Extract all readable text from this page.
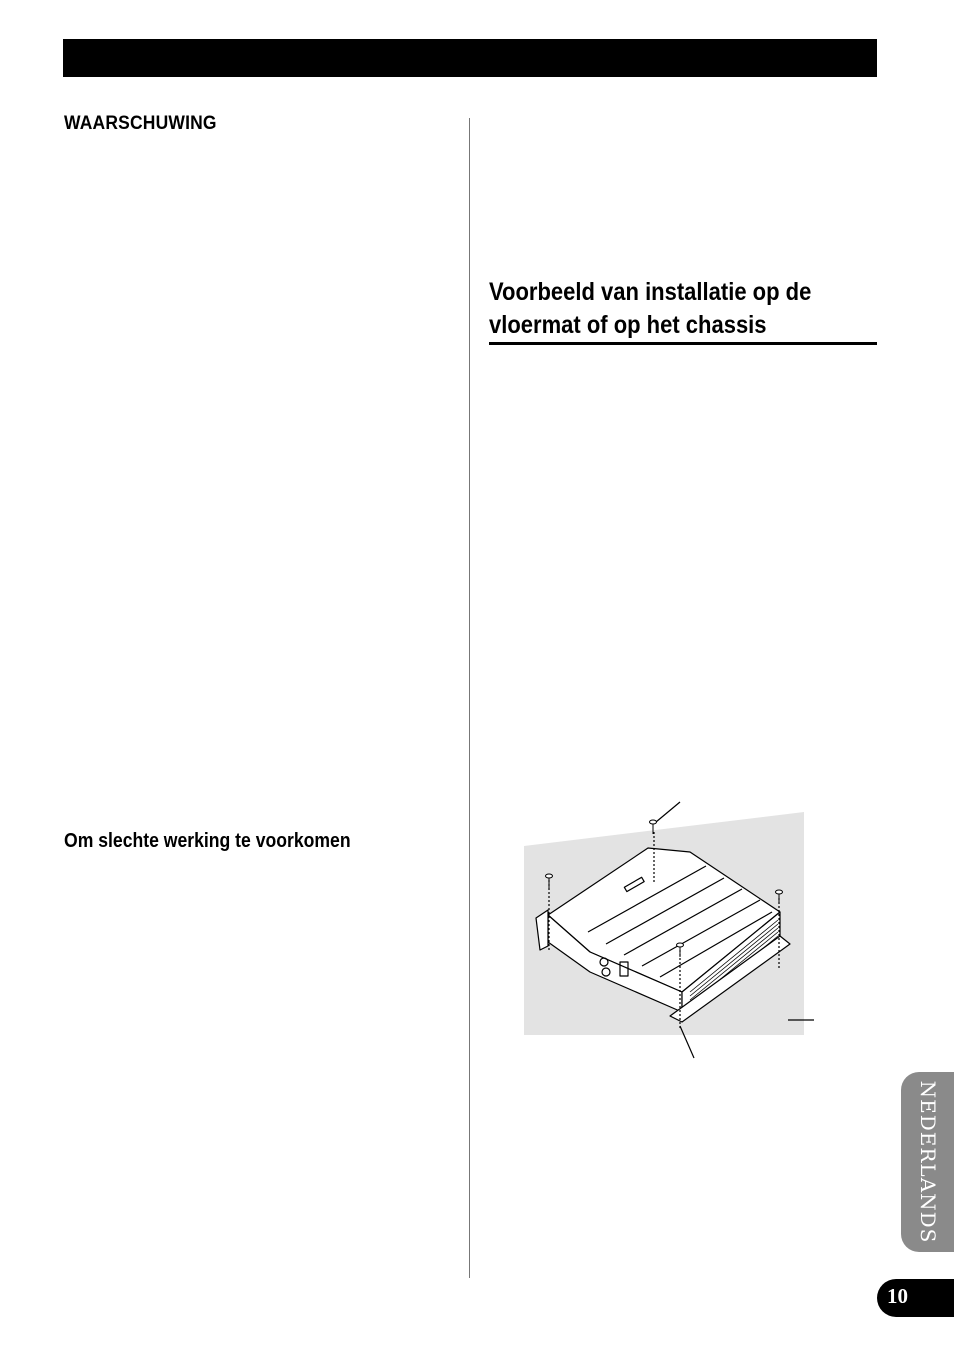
WAARSCHUWING
Voorbeeld van installatie op de
vloermat of op het chassis
Om slechte werking te voorkomen
NEDERLANDS
10
